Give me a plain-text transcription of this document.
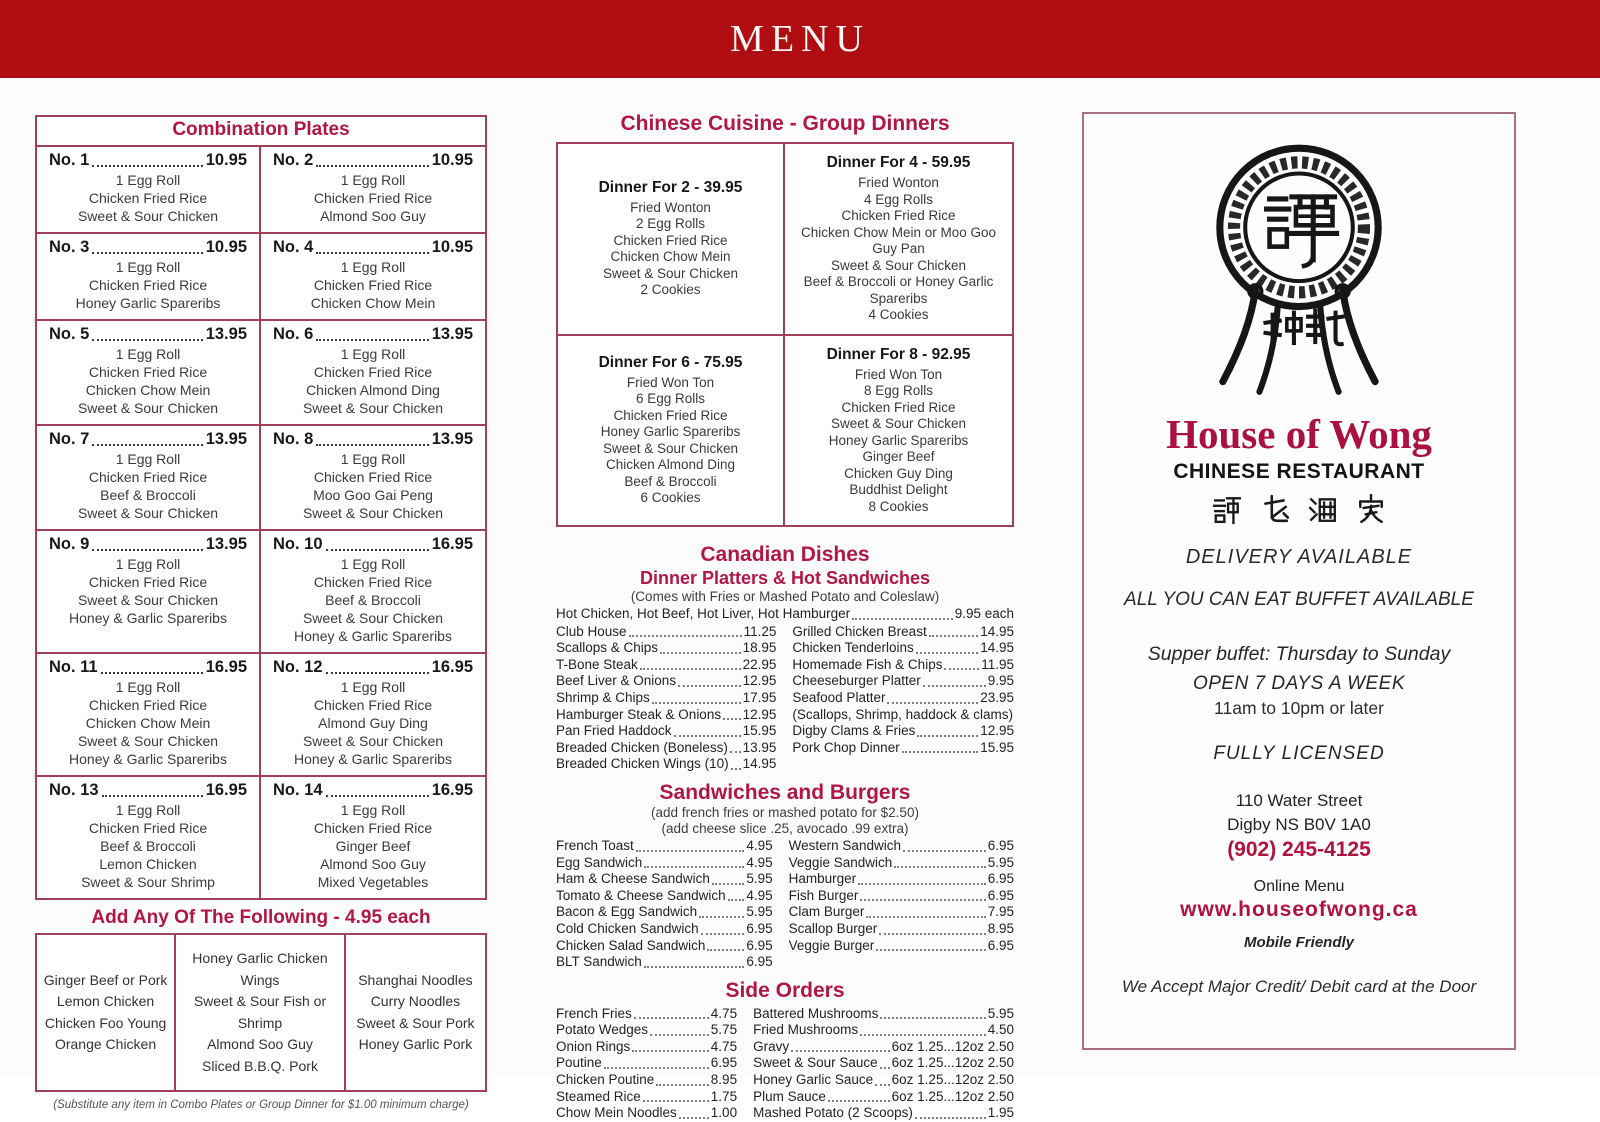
MENU
Combination Plates
No. 1	10.95
1 Egg Roll
Chicken Fried Rice
Sweet & Sour Chicken
No. 2	10.95
1 Egg Roll
Chicken Fried Rice
Almond Soo Guy
No. 3	10.95
1 Egg Roll
Chicken Fried Rice
Honey Garlic Spareribs
No. 4	10.95
1 Egg Roll
Chicken Fried Rice
Chicken Chow Mein
No. 5	13.95
1 Egg Roll
Chicken Fried Rice
Chicken Chow Mein
Sweet & Sour Chicken
No. 6	13.95
1 Egg Roll
Chicken Fried Rice
Chicken Almond Ding
Sweet & Sour Chicken
No. 7	13.95
1 Egg Roll
Chicken Fried Rice
Beef & Broccoli
Sweet & Sour Chicken
No. 8	13.95
1 Egg Roll
Chicken Fried Rice
Moo Goo Gai Peng
Sweet & Sour Chicken
No. 9	13.95
1 Egg Roll
Chicken Fried Rice
Sweet & Sour Chicken
Honey & Garlic Spareribs
No. 10	16.95
1 Egg Roll
Chicken Fried Rice
Beef & Broccoli
Sweet & Sour Chicken
Honey & Garlic Spareribs
No. 11	16.95
1 Egg Roll
Chicken Fried Rice
Chicken Chow Mein
Sweet & Sour Chicken
Honey & Garlic Spareribs
No. 12	16.95
1 Egg Roll
Chicken Fried Rice
Almond Guy Ding
Sweet & Sour Chicken
Honey & Garlic Spareribs
No. 13	16.95
1 Egg Roll
Chicken Fried Rice
Beef & Broccoli
Lemon Chicken
Sweet & Sour Shrimp
No. 14	16.95
1 Egg Roll
Chicken Fried Rice
Ginger Beef
Almond Soo Guy
Mixed Vegetables
Add Any Of The Following - 4.95 each
Ginger Beef or Pork
Lemon Chicken
Chicken Foo Young
Orange Chicken
Honey Garlic Chicken Wings
Sweet & Sour Fish or Shrimp
Almond Soo Guy
Sliced B.B.Q. Pork
Shanghai Noodles
Curry Noodles
Sweet & Sour Pork
Honey Garlic Pork
(Substitute any item in Combo Plates or Group Dinner for $1.00 minimum charge)
Chinese Cuisine - Group Dinners
Dinner For 2 - 39.95
Fried Wonton
2 Egg Rolls
Chicken Fried Rice
Chicken Chow Mein
Sweet & Sour Chicken
2 Cookies
Dinner For 4 - 59.95
Fried Wonton
4 Egg Rolls
Chicken Fried Rice
Chicken Chow Mein or Moo Goo Guy Pan
Sweet & Sour Chicken
Beef & Broccoli or Honey Garlic Spareribs
4 Cookies
Dinner For 6 - 75.95
Fried Won Ton
6 Egg Rolls
Chicken Fried Rice
Honey Garlic Spareribs
Sweet & Sour Chicken
Chicken Almond Ding
Beef & Broccoli
6 Cookies
Dinner For 8 - 92.95
Fried Won Ton
8 Egg Rolls
Chicken Fried Rice
Sweet & Sour Chicken
Honey Garlic Spareribs
Ginger Beef
Chicken Guy Ding
Buddhist Delight
8 Cookies
Canadian Dishes
Dinner Platters & Hot Sandwiches
(Comes with Fries or Mashed Potato and Coleslaw)
Hot Chicken, Hot Beef, Hot Liver, Hot Hamburger	9.95 each
Club House	11.25
Scallops & Chips	18.95
T-Bone Steak	22.95
Beef Liver & Onions	12.95
Shrimp & Chips	17.95
Hamburger Steak & Onions 12.95
Pan Fried Haddock	15.95
Breaded Chicken (Boneless) 13.95
Breaded Chicken Wings (10) 14.95
Grilled Chicken Breast	14.95
Chicken Tenderloins	14.95
Homemade Fish & Chips	11.95
Cheeseburger Platter	9.95
Seafood Platter	23.95
(Scallops, Shrimp, haddock & clams)
Digby Clams & Fries	12.95
Pork Chop Dinner	15.95
Sandwiches and Burgers
(add french fries or mashed potato for $2.50)
(add cheese slice .25, avocado .99 extra)
French Toast	4.95
Egg Sandwich	4.95
Ham & Cheese Sandwich	5.95
Tomato & Cheese Sandwich 4.95
Bacon & Egg Sandwich	5.95
Cold Chicken Sandwich	6.95
Chicken Salad Sandwich	6.95
BLT Sandwich	6.95
Western Sandwich	6.95
Veggie Sandwich	5.95
Hamburger	6.95
Fish Burger	6.95
Clam Burger	7.95
Scallop Burger	8.95
Veggie Burger	6.95
Side Orders
French Fries	4.75
Potato Wedges	5.75
Onion Rings	4.75
Poutine	6.95
Chicken Poutine	8.95
Steamed Rice	1.75
Chow Mein Noodles	1.00
Battered Mushrooms	5.95
Fried Mushrooms	4.50
Gravy	6oz 1.25...12oz 2.50
Sweet & Sour Sauce 6oz 1.25...12oz 2.50
Honey Garlic Sauce 6oz 1.25...12oz 2.50
Plum Sauce	6oz 1.25...12oz 2.50
Mashed Potato (2 Scoops)	1.95
House of Wong
CHINESE RESTAURANT
DELIVERY AVAILABLE
ALL YOU CAN EAT BUFFET AVAILABLE
Supper buffet: Thursday to Sunday
OPEN 7 DAYS A WEEK
11am to 10pm or later
FULLY LICENSED
110 Water Street
Digby NS B0V 1A0
(902) 245-4125
Online Menu
www.houseofwong.ca
Mobile Friendly
We Accept Major Credit/ Debit card at the Door
